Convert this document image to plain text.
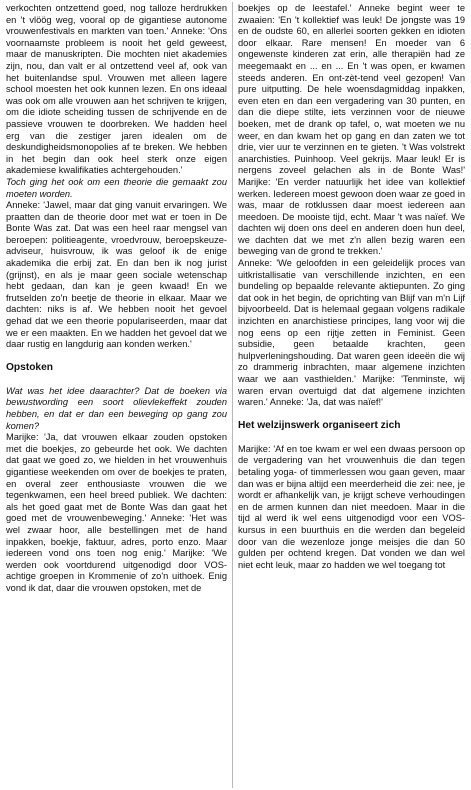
verkochten ontzettend goed, nog talloze herdrukken en 't vlöög weg, vooral op de gigantiese autonome vrouwenfestivals en markten van toen.' Anneke: 'Ons voornaamste probleem is nooit het geld geweest, maar de manuskripten. Die mochten niet akademies zijn, nou, dan valt er al ontzettend veel af, ook van het buitenlandse spul. Vrouwen met alleen lagere school moesten het ook kunnen lezen. En ons ideaal was ook om alle vrouwen aan het schrijven te krijgen, om die idiote scheiding tussen de schrijvende en de passieve vrouwen te doorbreken. We hadden heel erg van die zestiger jaren idealen om de deskundigheidsmonopolies af te breken. We hebben in het begin dan ook heel sterk onze eigen akademiese kwalifikaties achtergehouden.'

Toch ging het ook om een theorie die gemaakt zou moeten worden.

Anneke: 'Jawel, maar dat ging vanuit ervaringen. We praatten dan de theorie door met wat er toen in De Bonte Was zat. Dat was een heel raar mengsel van beroepen: politieagente, vroedvrouw, beroepskeuze-adviseur, huisvrouw, ik was geloof ik de enige akademika die erbij zat. En dan ben ik nog jurist (grijnst), en als je maar geen sociale wetenschap hebt gedaan, dan kan je geen kwaad! En we frutselden zo'n beetje de theorie in elkaar. Maar we dachten: niks is af. We hebben nooit het gevoel gehad dat we een theorie populariseerden, maar dat we er een maakten. En we hadden het gevoel dat we daar rustig en langdurig aan konden werken.'

Opstoken

Wat was het idee daarachter? Dat de boeken via bewustwording een soort olievlekeffekt zouden hebben, en dat er dan een beweging op gang zou komen?

Marijke: 'Ja, dat vrouwen elkaar zouden opstoken met die boekjes, zo gebeurde het ook. We dachten dat gaat we goed zo, we hielden in het vrouwenhuis gigantiese weekenden om over de boekjes te praten, en overal zeer enthousiaste vrouwen die we tegenkwamen, een heel breed publiek. We dachten: als het goed gaat met de Bonte Was dan gaat het goed met de vrouwenbeweging.' Anneke: 'Het was wel zwaar hoor, alle bestellingen met de hand inpakken, boekje, faktuur, adres, porto enzo. Maar iedereen vond ons toen nog enig.' Marijke: 'We werden ook voortdurend uitgenodigd door VOS-achtige groepen in Krommenie of zo'n uithoek. Enig vond ik dat, daar die vrouwen opstoken, met de

boekjes op de leestafel.' Anneke begint weer te zwaaien: 'En 't kollektief was leuk! De jongste was 19 en de oudste 60, en allerlei soorten gekken en idioten door elkaar. Rare mensen! En moeder van 6 ongewenste kinderen zat erin, alle therapiën had ze meegemaakt en ... en ... En 't was open, er kwamen steeds anderen. En ont-zèt-tend veel gezopen! Van pure uitputting. De hele woensdagmiddag inpakken, even eten en dan een vergadering van 30 punten, en dan die diepe stilte, iets verzinnen voor de nieuwe boeken, met de drank op tafel, o, wat moeten we nu weer, en dan kwam het op gang en dan zaten we tot drie, vier uur te verzinnen en te gieten. 't Was volstrekt anarchisties. Puinhoop. Veel gekrijs. Maar leuk! Er is nergens zoveel gelachen als in de Bonte Was!' Marijke: 'En verder natuurlijk het idee van kollektief werken. Iedereen moest gewoon doen waar ze goed in was, maar de rotklussen daar moest iedereen aan meedoen. De mooiste tijd, echt. Maar 't was naïef. We dachten wij doen ons deel en anderen doen hun deel, we dachten dat we met z'n allen bezig waren een beweging van de grond te trekken.'

Anneke: 'We geloofden in een geleidelijk proces van uitkristallisatie van verschillende inzichten, en een bundeling op bepaalde relevante aktiepunten. Zo ging dat ook in het begin, de oprichting van Blijf van m'n Lijf bijvoorbeeld. Dat is helemaal gegaan volgens radikale inzichten en anarchistiese principes, lang voor wij die nog eens op een rijtje zetten in Feminist. Geen subsidie, geen betaalde krachten, geen hulpverleningshouding. Dat waren geen ideeën die wij zo drammerig inbrachten, maar algemene inzichten waar we aan vasthielden.' Marijke: 'Tenminste, wij waren ervan overtuigd dat dat algemene inzichten waren.' Anneke: 'Ja, dat was naïef!'

Het welzijnswerk organiseert zich

Marijke: 'Af en toe kwam er wel een dwaas persoon op de vergadering van het vrouwenhuis die dan tegen betaling yoga- of timmerlessen wou gaan geven, maar dan was er bijna altijd een meerderheid die zei: nee, je wordt er afhankelijk van, je krijgt scheve verhoudingen en de armen kunnen dan niet meedoen. Maar in die tijd al werd ik wel eens uitgenodigd voor een VOS-kursus in een buurthuis en die werden dan begeleid door van die wezenloze jonge meisjes die dan 50 gulden per ochtend kregen. Dat vonden we dan wel niet echt leuk, maar zo hadden we wel toegang tot
